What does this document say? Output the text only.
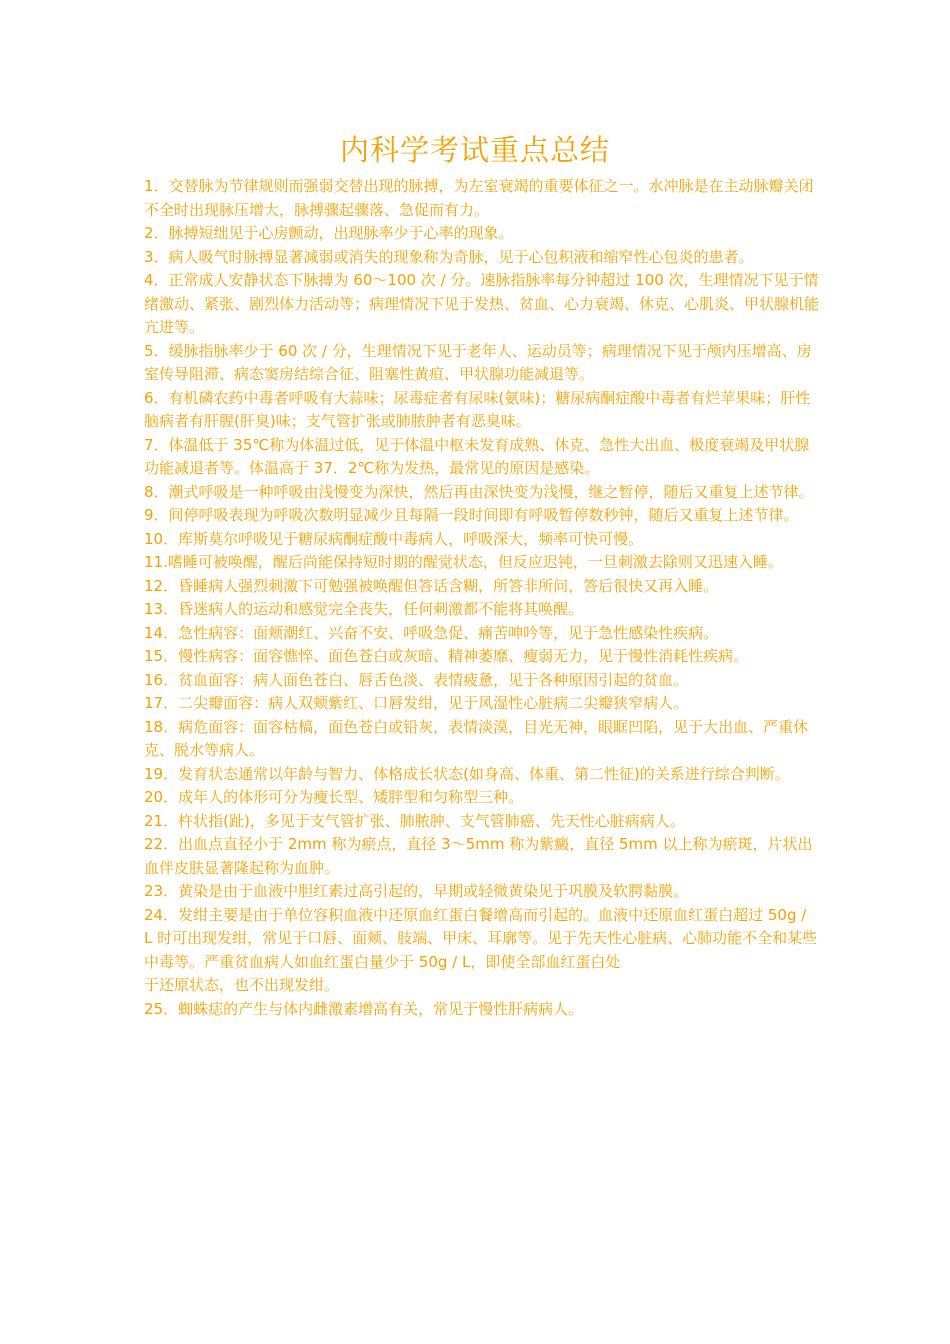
内科学考试重点总结

1．交替脉为节律规则而强弱交替出现的脉搏，为左室衰竭的重要体征之一。水冲脉是在主动脉瓣关闭不全时出现脉压增大，脉搏骤起骤落、急促而有力。

2．脉搏短绌见于心房颤动，出现脉率少于心率的现象。

3．病人吸气时脉搏显著减弱或消失的现象称为奇脉，见于心包积液和缩窄性心包炎的患者。

4．正常成人安静状态下脉搏为 60～100 次 / 分。速脉指脉率每分钟超过 100 次，生理情况下见于情绪激动、紧张、剧烈体力活动等；病理情况下见于发热、贫血、心力衰竭、休克、心肌炎、甲状腺机能亢进等。

5．缓脉指脉率少于 60 次 / 分，生理情况下见于老年人、运动员等；病理情况下见于颅内压增高、房室传导阻滞、病态窦房结综合征、阻塞性黄疸、甲状腺功能减退等。

6．有机磷农药中毒者呼吸有大蒜味；尿毒症者有尿味(氨味)；糖尿病酮症酸中毒者有烂苹果味；肝性脑病者有肝腥(肝臭)味；支气管扩张或肺脓肿者有恶臭味。

7．体温低于 35℃称为体温过低，见于体温中枢未发育成熟、休克、急性大出血、极度衰竭及甲状腺功能减退者等。体温高于 37．2℃称为发热，最常见的原因是感染。

8．潮式呼吸是一种呼吸由浅慢变为深快，然后再由深快变为浅慢，继之暂停，随后又重复上述节律。

9．间停呼吸表现为呼吸次数明显减少且每隔一段时间即有呼吸暂停数秒钟，随后又重复上述节律。

10．库斯莫尔呼吸见于糖尿病酮症酸中毒病人，呼吸深大，频率可快可慢。

11.嗜睡可被唤醒，醒后尚能保持短时期的醒觉状态，但反应迟钝，一旦刺激去除则又迅速入睡。

12．昏睡病人强烈刺激下可勉强被唤醒但答话含糊，所答非所问，答后很快又再入睡。

13．昏迷病人的运动和感觉完全丧失，任何刺激都不能将其唤醒。

14．急性病容：面颊潮红、兴奋不安、呼吸急促、痛苦呻吟等，见于急性感染性疾病。

15．慢性病容：面容憔悴、面色苍白或灰暗、精神萎靡、瘦弱无力，见于慢性消耗性疾病。

16．贫血面容：病人面色苍白、唇舌色淡、表情疲惫，见于各种原因引起的贫血。

17．二尖瓣面容：病人双颊紫红、口唇发绀，见于风湿性心脏病二尖瓣狭窄病人。

18．病危面容：面容枯槁，面色苍白或铅灰，表情淡漠，目光无神，眼眶凹陷，见于大出血、严重休克、脱水等病人。

19．发育状态通常以年龄与智力、体格成长状态(如身高、体重、第二性征)的关系进行综合判断。

20．成年人的体形可分为瘦长型、矮胖型和匀称型三种。

21．杵状指(趾)，多见于支气管扩张、肺脓肿、支气管肺癌、先天性心脏病病人。

22．出血点直径小于 2mm 称为瘀点，直径 3～5mm 称为紫癜，直径 5mm 以上称为瘀斑，片状出血伴皮肤显著隆起称为血肿。

23．黄染是由于血液中胆红素过高引起的，早期或轻微黄染见于巩膜及软腭黏膜。

24．发绀主要是由于单位容积血液中还原血红蛋白餐增高而引起的。血液中还原血红蛋白超过 50g / L 时可出现发绀，常见于口唇、面颊、肢端、甲床、耳廓等。见于先天性心脏病、心肺功能不全和某些中毒等。严重贫血病人如血红蛋白量少于 50g / L，即使全部血红蛋白处

于还原状态，也不出现发绀。

25．蜘蛛痣的产生与体内雌激素增高有关，常见于慢性肝病病人。
